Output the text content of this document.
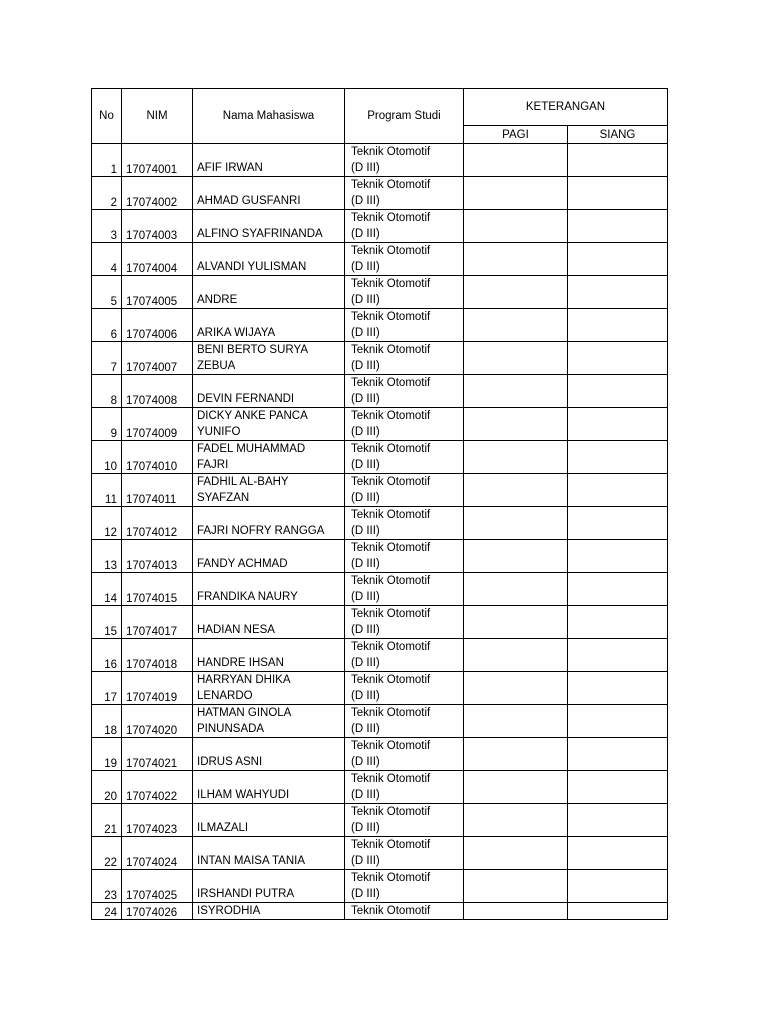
No	NIM	Nama Mahasiswa	Program Studi	KETERANGAN	
				PAGI	SIANG
1	17074001	AFIF IRWAN	Teknik Otomotif
(D III)		

2	17074002	AHMAD GUSFANRI	Teknik Otomotif
(D III)		

3	17074003	ALFINO SYAFRINANDA	Teknik Otomotif
(D III)		

4	17074004	ALVANDI YULISMAN	Teknik Otomotif
(D III)		

5	17074005	ANDRE	Teknik Otomotif
(D III)		

6	17074006	ARIKA WIJAYA	Teknik Otomotif
(D III)		

7	17074007	BENI BERTO SURYA
ZEBUA	Teknik Otomotif
(D III)		

8	17074008	DEVIN FERNANDI	Teknik Otomotif
(D III)		

9	17074009	DICKY ANKE PANCA
YUNIFO	Teknik Otomotif
(D III)		

10	17074010	FADEL MUHAMMAD
FAJRI	Teknik Otomotif
(D III)		

11	17074011	FADHIL AL-BAHY
SYAFZAN	Teknik Otomotif
(D III)		

12	17074012	FAJRI NOFRY RANGGA	Teknik Otomotif
(D III)		

13	17074013	FANDY ACHMAD	Teknik Otomotif
(D III)		

14	17074015	FRANDIKA NAURY	Teknik Otomotif
(D III)		

15	17074017	HADIAN NESA	Teknik Otomotif
(D III)		

16	17074018	HANDRE IHSAN	Teknik Otomotif
(D III)		

17	17074019	HARRYAN DHIKA
LENARDO	Teknik Otomotif
(D III)		

18	17074020	HATMAN GINOLA
PINUNSADA	Teknik Otomotif
(D III)		

19	17074021	IDRUS ASNI	Teknik Otomotif
(D III)		

20	17074022	ILHAM WAHYUDI	Teknik Otomotif
(D III)		

21	17074023	ILMAZALI	Teknik Otomotif
(D III)		

22	17074024	INTAN MAISA TANIA	Teknik Otomotif
(D III)		

23	17074025	IRSHANDI PUTRA	Teknik Otomotif
(D III)		

24	17074026	ISYRODHIA	Teknik Otomotif		
